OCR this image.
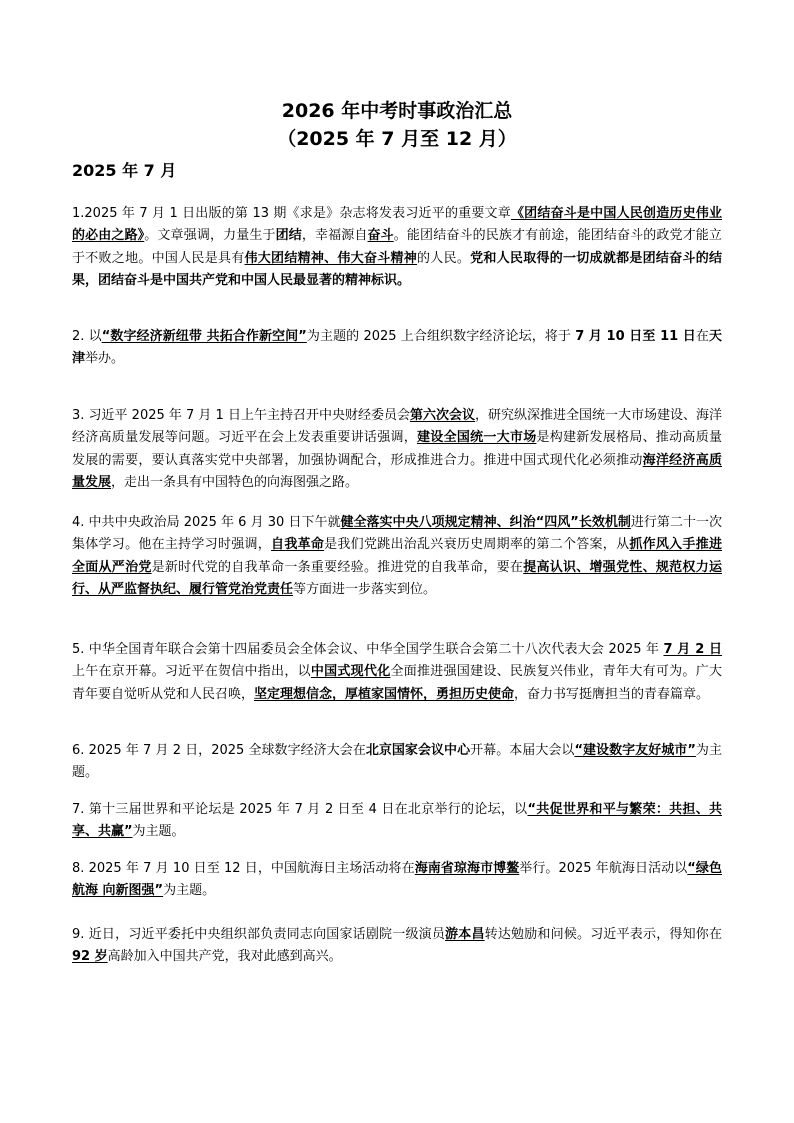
2026 年中考时事政治汇总
（2025 年 7 月至 12 月）
2025 年 7 月
1.2025 年 7 月 1 日出版的第 13 期《求是》杂志将发表习近平的重要文章《团结奋斗是中国人民创造历史伟业的必由之路》。文章强调，力量生于团结，幸福源自奋斗。能团结奋斗的民族才有前途，能团结奋斗的政党才能立于不败之地。中国人民是具有伟大团结精神、伟大奋斗精神的人民。党和人民取得的一切成就都是团结奋斗的结果，团结奋斗是中国共产党和中国人民最显著的精神标识。
2. 以“数字经济新纽带 共拓合作新空间”为主题的 2025 上合组织数字经济论坛，将于 7 月 10 日至 11 日在天津举办。
3. 习近平 2025 年 7 月 1 日上午主持召开中央财经委员会第六次会议，研究纵深推进全国统一大市场建设、海洋经济高质量发展等问题。习近平在会上发表重要讲话强调，建设全国统一大市场是构建新发展格局、推动高质量发展的需要，要认真落实党中央部署，加强协调配合，形成推进合力。推进中国式现代化必须推动海洋经济高质量发展，走出一条具有中国特色的向海图强之路。
4. 中共中央政治局 2025 年 6 月 30 日下午就健全落实中央八项规定精神、纠治“四风”长效机制进行第二十一次集体学习。他在主持学习时强调，自我革命是我们党跳出治乱兴衰历史周期率的第二个答案，从抓作风入手推进全面从严治党是新时代党的自我革命一条重要经验。推进党的自我革命，要在提高认识、增强党性、规范权力运行、从严监督执纪、履行管党治党责任等方面进一步落实到位。
5. 中华全国青年联合会第十四届委员会全体会议、中华全国学生联合会第二十八次代表大会 2025 年 7 月 2 日上午在京开幕。习近平在贺信中指出，以中国式现代化全面推进强国建设、民族复兴伟业，青年大有可为。广大青年要自觉听从党和人民召唤，坚定理想信念，厚植家国情怀，勇担历史使命，奋力书写挺膺担当的青春篇章。
6. 2025 年 7 月 2 日，2025 全球数字经济大会在北京国家会议中心开幕。本届大会以“建设数字友好城市”为主题。
7. 第十三届世界和平论坛是 2025 年 7 月 2 日至 4 日在北京举行的论坛，以“共促世界和平与繁荣：共担、共享、共赢”为主题。
8. 2025 年 7 月 10 日至 12 日，中国航海日主场活动将在海南省琼海市博鳌举行。2025 年航海日活动以“绿色航海 向新图强”为主题。
9. 近日，习近平委托中央组织部负责同志向国家话剧院一级演员游本昌转达勉励和问候。习近平表示，得知你在 92 岁高龄加入中国共产党，我对此感到高兴。
